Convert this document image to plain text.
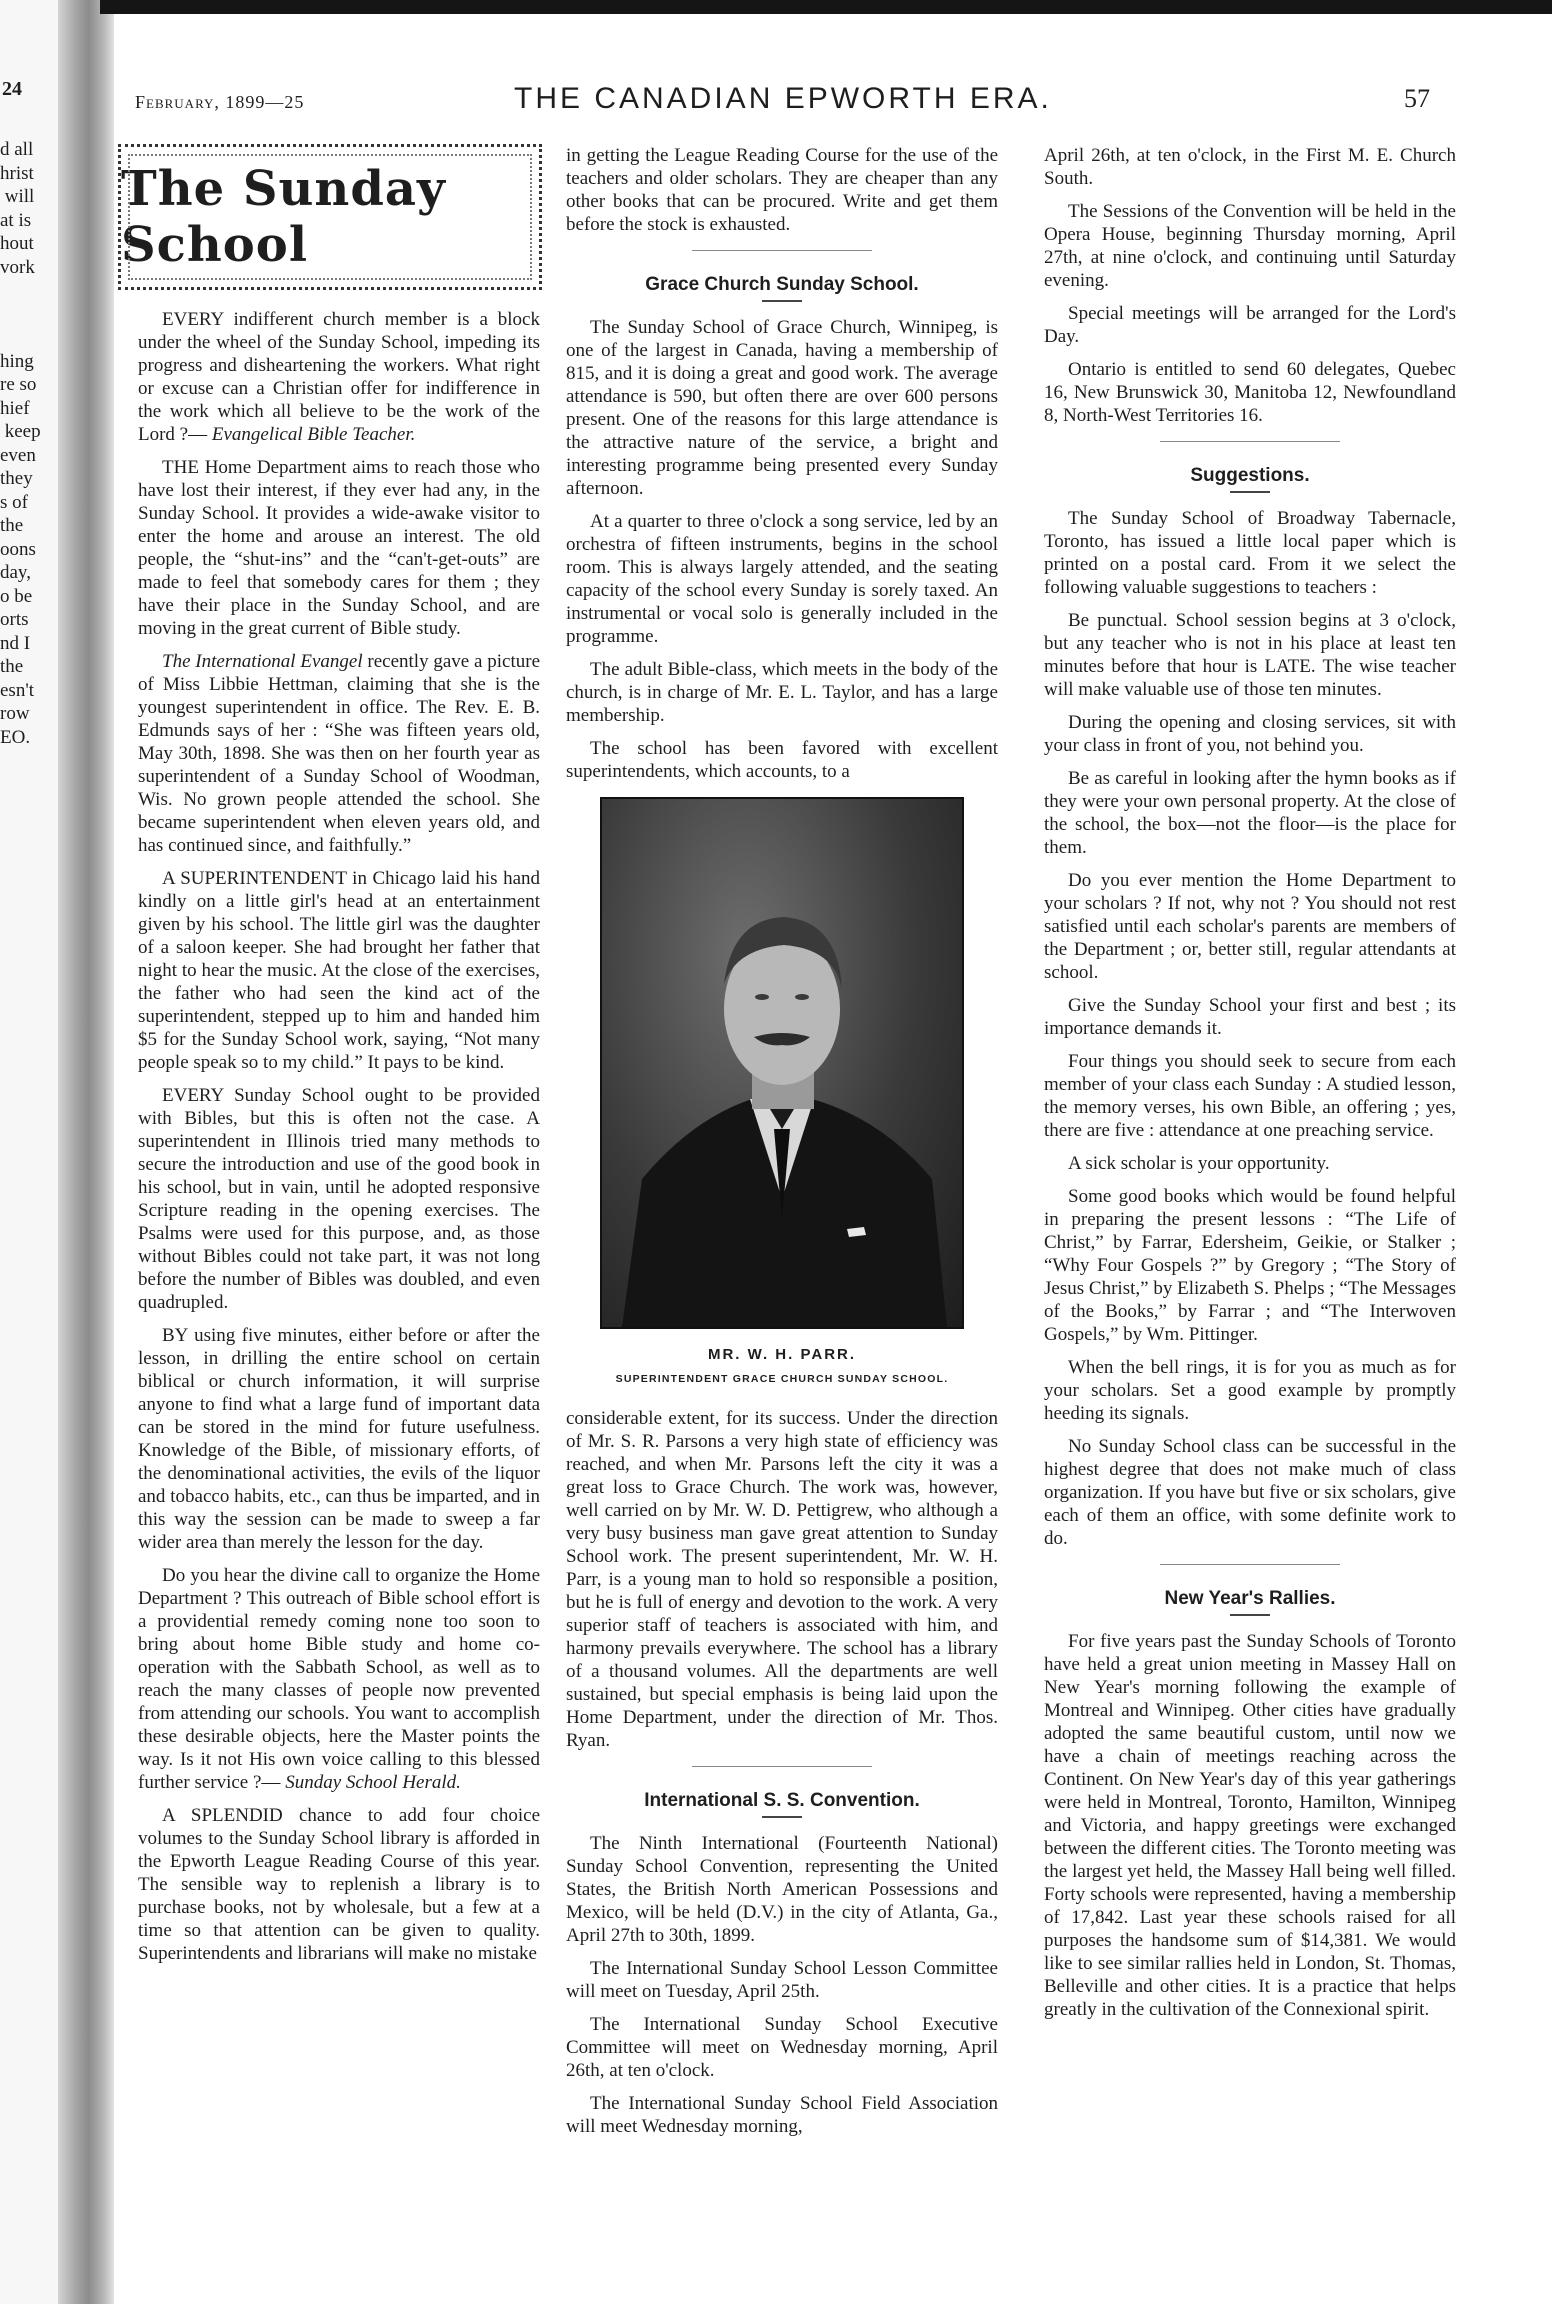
24
d all
hrist
will
at is
hout
vork
hing
re so
hief
keep
even
they
s of
the
oons
day,
o be
orts
nd I
the
esn't
row
EO.
February, 1899—25	THE CANADIAN EPWORTH ERA.	57
The Sunday School

EVERY indifferent church member is a block under the wheel of the Sunday School, impeding its progress and disheartening the workers. What right or excuse can a Christian offer for indifference in the work which all believe to be the work of the Lord ?— Evangelical Bible Teacher.

THE Home Department aims to reach those who have lost their interest, if they ever had any, in the Sunday School. It provides a wide-awake visitor to enter the home and arouse an interest. The old people, the “shut-ins” and the “can't-get-outs” are made to feel that somebody cares for them ; they have their place in the Sunday School, and are moving in the great current of Bible study.

The International Evangel recently gave a picture of Miss Libbie Hettman, claiming that she is the youngest superintendent in office. The Rev. E. B. Edmunds says of her : “She was fifteen years old, May 30th, 1898. She was then on her fourth year as superintendent of a Sunday School of Woodman, Wis. No grown people attended the school. She became superintendent when eleven years old, and has continued since, and faithfully.”

A SUPERINTENDENT in Chicago laid his hand kindly on a little girl's head at an entertainment given by his school. The little girl was the daughter of a saloon keeper. She had brought her father that night to hear the music. At the close of the exercises, the father who had seen the kind act of the superintendent, stepped up to him and handed him $5 for the Sunday School work, saying, “Not many people speak so to my child.” It pays to be kind.

EVERY Sunday School ought to be provided with Bibles, but this is often not the case. A superintendent in Illinois tried many methods to secure the introduction and use of the good book in his school, but in vain, until he adopted responsive Scripture reading in the opening exercises. The Psalms were used for this purpose, and, as those without Bibles could not take part, it was not long before the number of Bibles was doubled, and even quadrupled.

BY using five minutes, either before or after the lesson, in drilling the entire school on certain biblical or church information, it will surprise anyone to find what a large fund of important data can be stored in the mind for future usefulness. Knowledge of the Bible, of missionary efforts, of the denominational activities, the evils of the liquor and tobacco habits, etc., can thus be imparted, and in this way the session can be made to sweep a far wider area than merely the lesson for the day.

Do you hear the divine call to organize the Home Department ? This outreach of Bible school effort is a providential remedy coming none too soon to bring about home Bible study and home co-operation with the Sabbath School, as well as to reach the many classes of people now prevented from attending our schools. You want to accomplish these desirable objects, here the Master points the way. Is it not His own voice calling to this blessed further service ?— Sunday School Herald.

A SPLENDID chance to add four choice volumes to the Sunday School library is afforded in the Epworth League Reading Course of this year. The sensible way to replenish a library is to purchase books, not by wholesale, but a few at a time so that attention can be given to quality. Superintendents and librarians will make no mistake

in getting the League Reading Course for the use of the teachers and older scholars. They are cheaper than any other books that can be procured. Write and get them before the stock is exhausted.

Grace Church Sunday School.

The Sunday School of Grace Church, Winnipeg, is one of the largest in Canada, having a membership of 815, and it is doing a great and good work. The average attendance is 590, but often there are over 600 persons present. One of the reasons for this large attendance is the attractive nature of the service, a bright and interesting programme being presented every Sunday afternoon.

At a quarter to three o'clock a song service, led by an orchestra of fifteen instruments, begins in the school room. This is always largely attended, and the seating capacity of the school every Sunday is sorely taxed. An instrumental or vocal solo is generally included in the programme.

The adult Bible-class, which meets in the body of the church, is in charge of Mr. E. L. Taylor, and has a large membership.

The school has been favored with excellent superintendents, which accounts, to a

MR. W. H. PARR.
SUPERINTENDENT GRACE CHURCH SUNDAY SCHOOL.

considerable extent, for its success. Under the direction of Mr. S. R. Parsons a very high state of efficiency was reached, and when Mr. Parsons left the city it was a great loss to Grace Church. The work was, however, well carried on by Mr. W. D. Pettigrew, who although a very busy business man gave great attention to Sunday School work. The present superintendent, Mr. W. H. Parr, is a young man to hold so responsible a position, but he is full of energy and devotion to the work. A very superior staff of teachers is associated with him, and harmony prevails everywhere. The school has a library of a thousand volumes. All the departments are well sustained, but special emphasis is being laid upon the Home Department, under the direction of Mr. Thos. Ryan.

International S. S. Convention.

The Ninth International (Fourteenth National) Sunday School Convention, representing the United States, the British North American Possessions and Mexico, will be held (D.V.) in the city of Atlanta, Ga., April 27th to 30th, 1899.

The International Sunday School Lesson Committee will meet on Tuesday, April 25th.

The International Sunday School Executive Committee will meet on Wednesday morning, April 26th, at ten o'clock.

The International Sunday School Field Association will meet Wednesday morning,

April 26th, at ten o'clock, in the First M. E. Church South.

The Sessions of the Convention will be held in the Opera House, beginning Thursday morning, April 27th, at nine o'clock, and continuing until Saturday evening.

Special meetings will be arranged for the Lord's Day.

Ontario is entitled to send 60 delegates, Quebec 16, New Brunswick 30, Manitoba 12, Newfoundland 8, North-West Territories 16.

Suggestions.

The Sunday School of Broadway Tabernacle, Toronto, has issued a little local paper which is printed on a postal card. From it we select the following valuable suggestions to teachers :

Be punctual. School session begins at 3 o'clock, but any teacher who is not in his place at least ten minutes before that hour is LATE. The wise teacher will make valuable use of those ten minutes.

During the opening and closing services, sit with your class in front of you, not behind you.

Be as careful in looking after the hymn books as if they were your own personal property. At the close of the school, the box—not the floor—is the place for them.

Do you ever mention the Home Department to your scholars ? If not, why not ? You should not rest satisfied until each scholar's parents are members of the Department ; or, better still, regular attendants at school.

Give the Sunday School your first and best ; its importance demands it.

Four things you should seek to secure from each member of your class each Sunday : A studied lesson, the memory verses, his own Bible, an offering ; yes, there are five : attendance at one preaching service.

A sick scholar is your opportunity.

Some good books which would be found helpful in preparing the present lessons : “The Life of Christ,” by Farrar, Edersheim, Geikie, or Stalker ; “Why Four Gospels ?” by Gregory ; “The Story of Jesus Christ,” by Elizabeth S. Phelps ; “The Messages of the Books,” by Farrar ; and “The Interwoven Gospels,” by Wm. Pittinger.

When the bell rings, it is for you as much as for your scholars. Set a good example by promptly heeding its signals.

No Sunday School class can be successful in the highest degree that does not make much of class organization. If you have but five or six scholars, give each of them an office, with some definite work to do.

New Year's Rallies.

For five years past the Sunday Schools of Toronto have held a great union meeting in Massey Hall on New Year's morning following the example of Montreal and Winnipeg. Other cities have gradually adopted the same beautiful custom, until now we have a chain of meetings reaching across the Continent. On New Year's day of this year gatherings were held in Montreal, Toronto, Hamilton, Winnipeg and Victoria, and happy greetings were exchanged between the different cities. The Toronto meeting was the largest yet held, the Massey Hall being well filled. Forty schools were represented, having a membership of 17,842. Last year these schools raised for all purposes the handsome sum of $14,381. We would like to see similar rallies held in London, St. Thomas, Belleville and other cities. It is a practice that helps greatly in the cultivation of the Connexional spirit.
